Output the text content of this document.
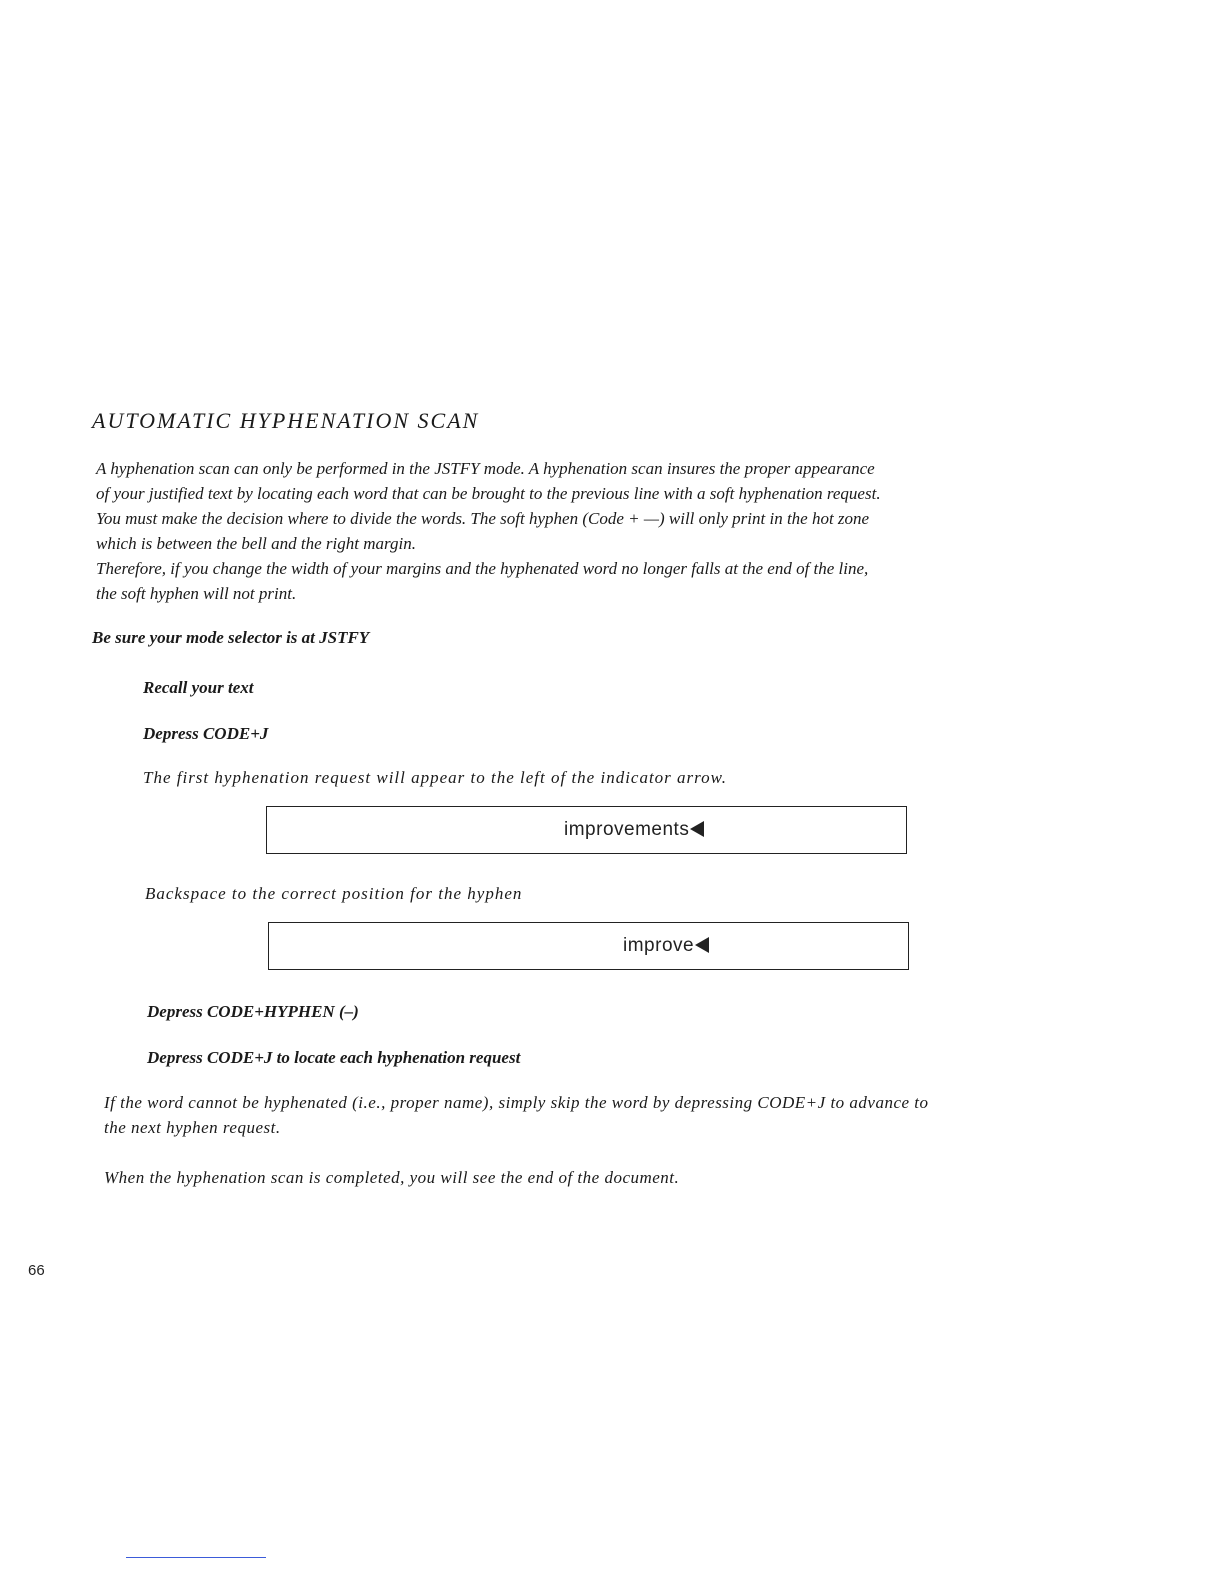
AUTOMATIC HYPHENATION SCAN

A hyphenation scan can only be performed in the JSTFY mode. A hyphenation scan insures the proper appearance
of your justified text by locating each word that can be brought to the previous line with a soft hyphenation request.
You must make the decision where to divide the words. The soft hyphen (Code + —) will only print in the hot zone
which is between the bell and the right margin.
Therefore, if you change the width of your margins and the hyphenated word no longer falls at the end of the line,
the soft hyphen will not print.

Be sure your mode selector is at JSTFY

Recall your text

Depress CODE+J

The first hyphenation request will appear to the left of the indicator arrow.

improvements

Backspace to the correct position for the hyphen

improve

Depress CODE+HYPHEN (–)

Depress CODE+J to locate each hyphenation request

If the word cannot be hyphenated (i.e., proper name), simply skip the word by depressing CODE+J to advance to
the next hyphen request.

When the hyphenation scan is completed, you will see the end of the document.

66
